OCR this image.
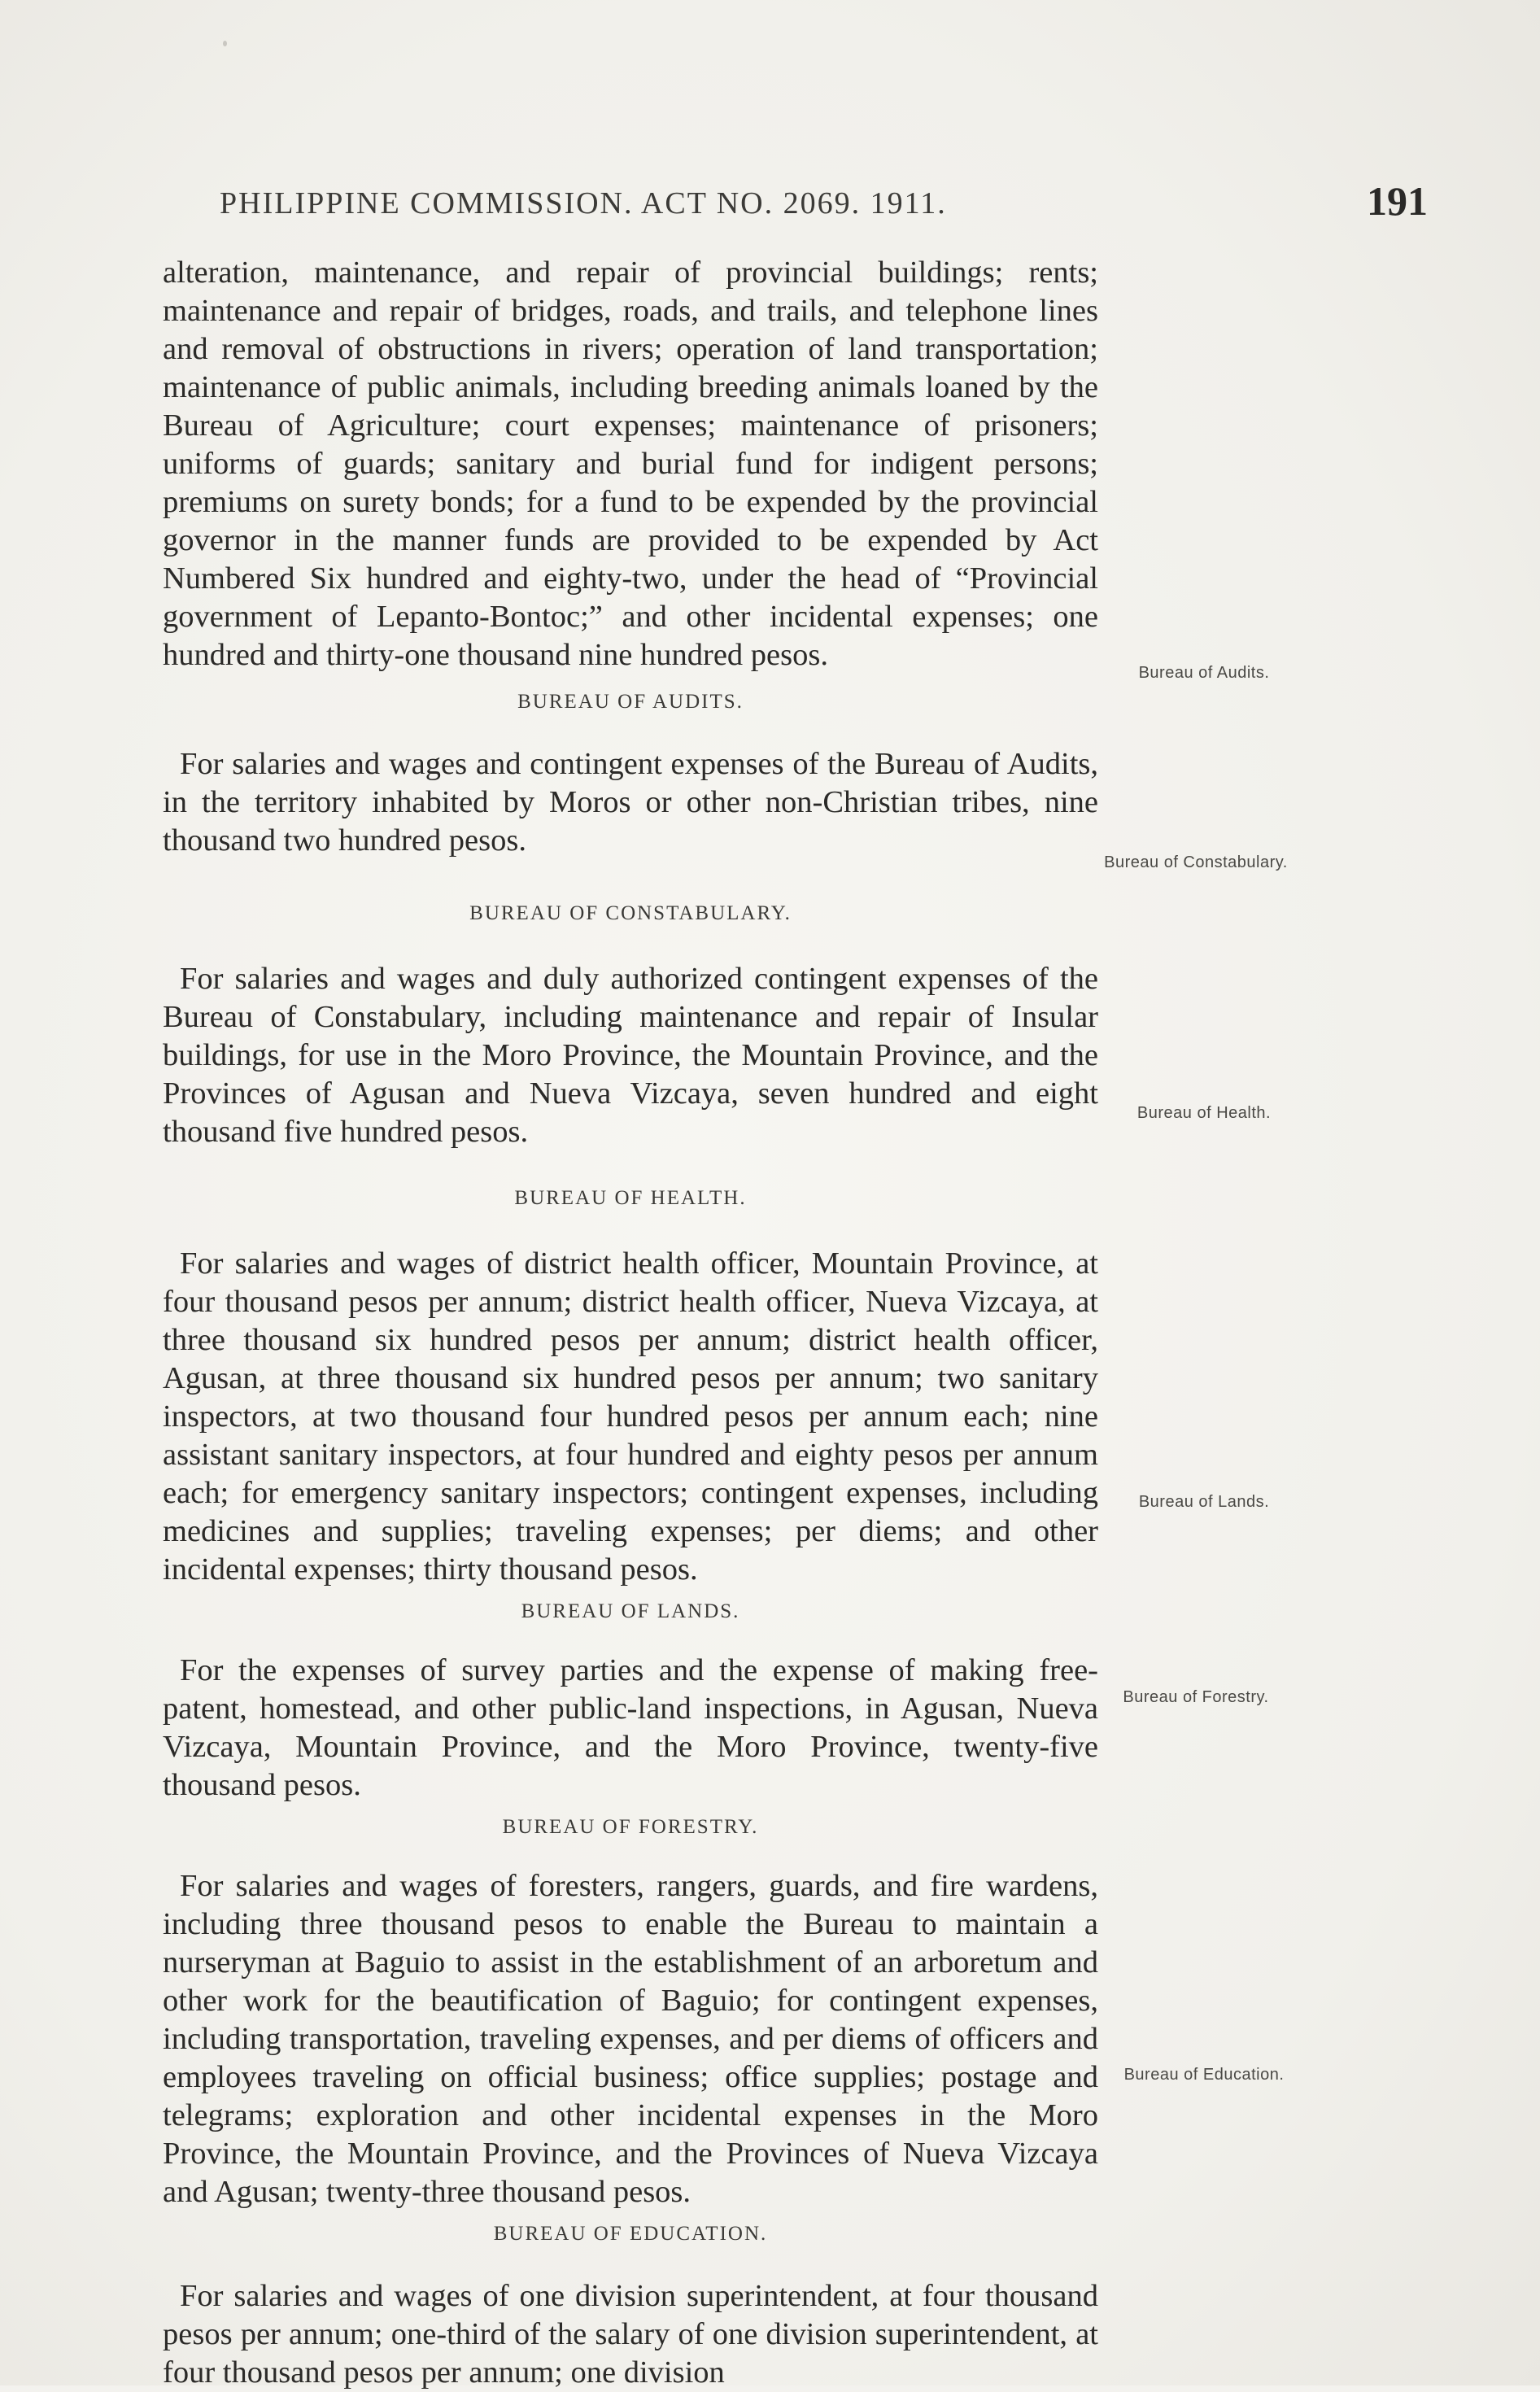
PHILIPPINE COMMISSION. ACT NO. 2069. 1911.	191

alteration, maintenance, and repair of provincial buildings; rents; maintenance and repair of bridges, roads, and trails, and telephone lines and removal of obstructions in rivers; operation of land transportation; maintenance of public animals, including breeding animals loaned by the Bureau of Agriculture; court expenses; maintenance of prisoners; uniforms of guards; sanitary and burial fund for indigent persons; premiums on surety bonds; for a fund to be expended by the provincial governor in the manner funds are provided to be expended by Act Numbered Six hundred and eighty-two, under the head of “Provincial government of Lepanto-Bontoc;” and other incidental expenses; one hundred and thirty-one thousand nine hundred pesos.

BUREAU OF AUDITS.

For salaries and wages and contingent expenses of the Bureau of Audits, in the territory inhabited by Moros or other non-Christian tribes, nine thousand two hundred pesos.

BUREAU OF CONSTABULARY.

For salaries and wages and duly authorized contingent expenses of the Bureau of Constabulary, including maintenance and repair of Insular buildings, for use in the Moro Province, the Mountain Province, and the Provinces of Agusan and Nueva Vizcaya, seven hundred and eight thousand five hundred pesos.

BUREAU OF HEALTH.

For salaries and wages of district health officer, Mountain Province, at four thousand pesos per annum; district health officer, Nueva Vizcaya, at three thousand six hundred pesos per annum; district health officer, Agusan, at three thousand six hundred pesos per annum; two sanitary inspectors, at two thousand four hundred pesos per annum each; nine assistant sanitary inspectors, at four hundred and eighty pesos per annum each; for emergency sanitary inspectors; contingent expenses, including medicines and supplies; traveling expenses; per diems; and other incidental expenses; thirty thousand pesos.

BUREAU OF LANDS.

For the expenses of survey parties and the expense of making free-patent, homestead, and other public-land inspections, in Agusan, Nueva Vizcaya, Mountain Province, and the Moro Province, twenty-five thousand pesos.

BUREAU OF FORESTRY.

For salaries and wages of foresters, rangers, guards, and fire wardens, including three thousand pesos to enable the Bureau to maintain a nurseryman at Baguio to assist in the establishment of an arboretum and other work for the beautification of Baguio; for contingent expenses, including transportation, traveling expenses, and per diems of officers and employees traveling on official business; office supplies; postage and telegrams; exploration and other incidental expenses in the Moro Province, the Mountain Province, and the Provinces of Nueva Vizcaya and Agusan; twenty-three thousand pesos.

BUREAU OF EDUCATION.

For salaries and wages of one division superintendent, at four thousand pesos per annum; one-third of the salary of one division superintendent, at four thousand pesos per annum; one division

Bureau of Audits.
Bureau of Constabulary.
Bureau of Health.
Bureau of Lands.
Bureau of Forestry.
Bureau of Education.
